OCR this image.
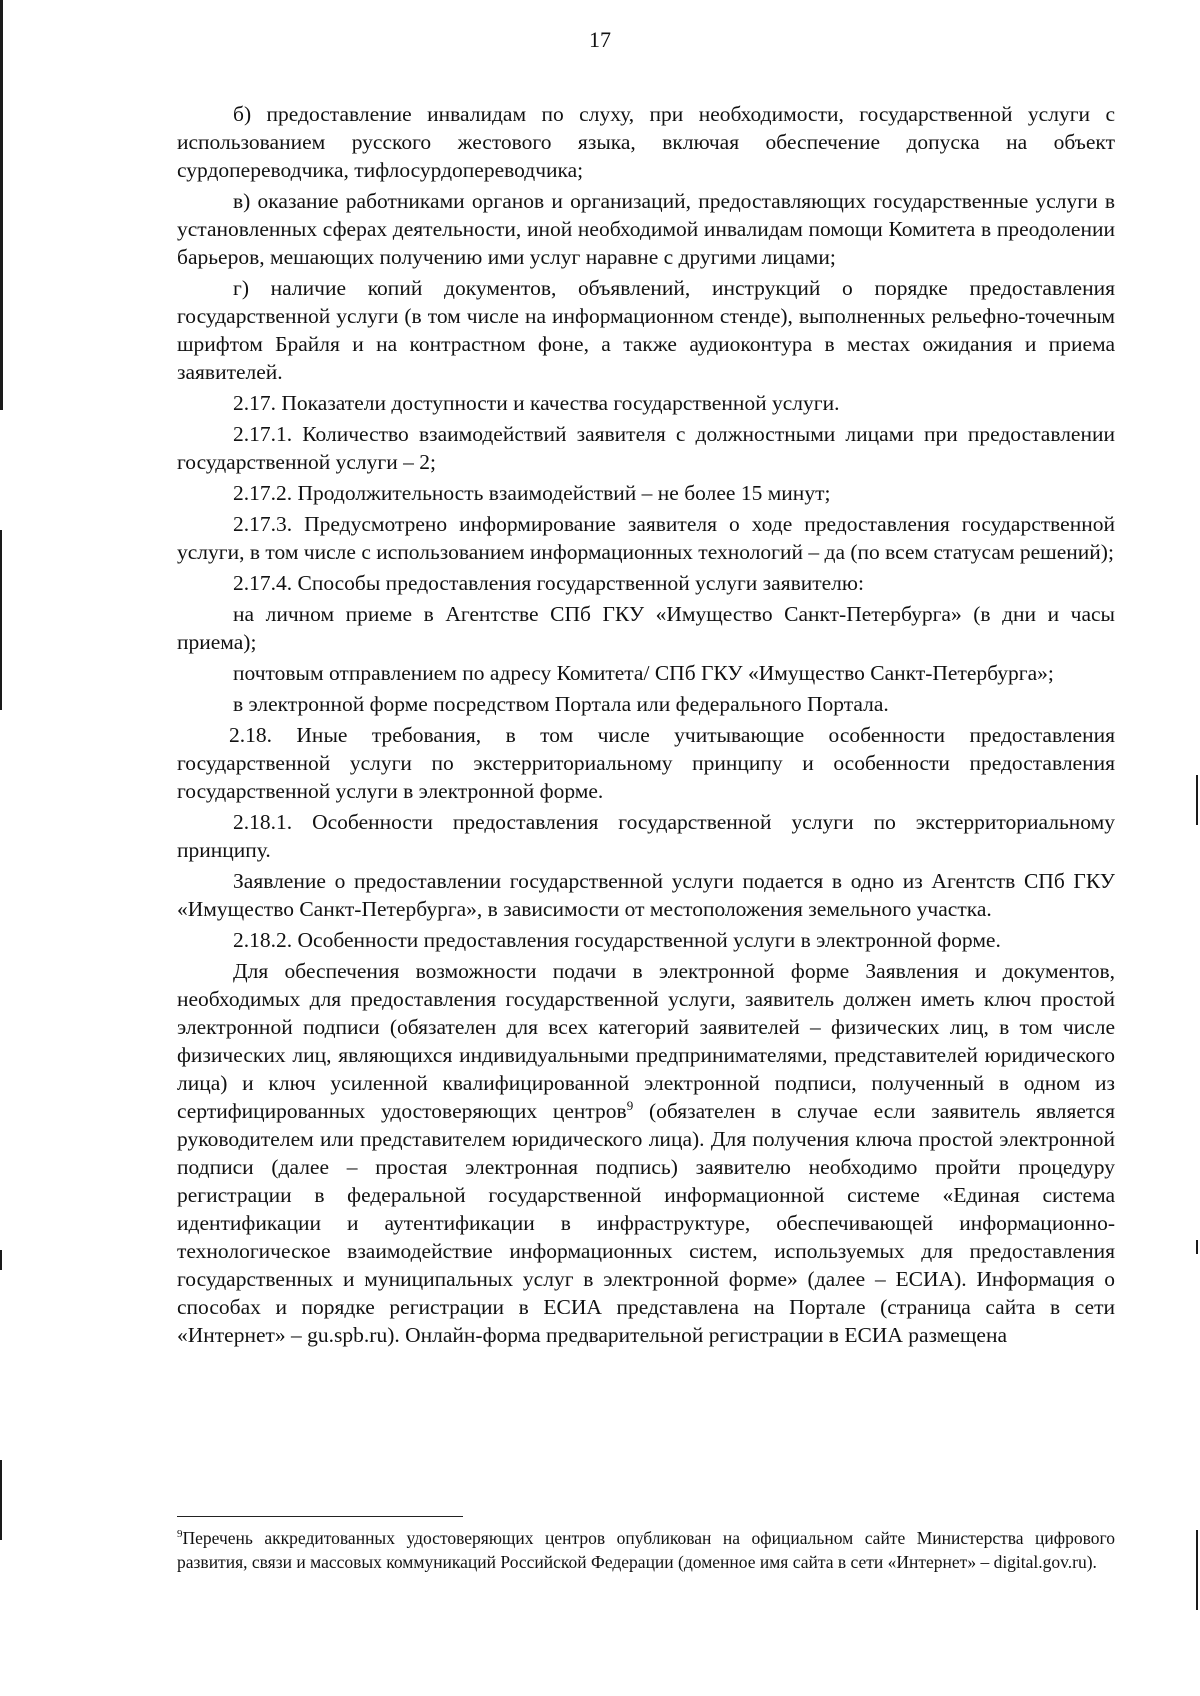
17

б) предоставление инвалидам по слуху, при необходимости, государственной услуги с использованием русского жестового языка, включая обеспечение допуска на объект сурдопереводчика, тифлосурдопереводчика;

в) оказание работниками органов и организаций, предоставляющих государственные услуги в установленных сферах деятельности, иной необходимой инвалидам помощи Комитета в преодолении барьеров, мешающих получению ими услуг наравне с другими лицами;

г) наличие копий документов, объявлений, инструкций о порядке предоставления государственной услуги (в том числе на информационном стенде), выполненных рельефно-точечным шрифтом Брайля и на контрастном фоне, а также аудиоконтура в местах ожидания и приема заявителей.

2.17. Показатели доступности и качества государственной услуги.

2.17.1. Количество взаимодействий заявителя с должностными лицами при предоставлении государственной услуги – 2;

2.17.2. Продолжительность взаимодействий – не более 15 минут;

2.17.3. Предусмотрено информирование заявителя о ходе предоставления государственной услуги, в том числе с использованием информационных технологий – да (по всем статусам решений);

2.17.4. Способы предоставления государственной услуги заявителю:

на личном приеме в Агентстве СПб ГКУ «Имущество Санкт-Петербурга» (в дни и часы приема);

почтовым отправлением по адресу Комитета/ СПб ГКУ «Имущество Санкт-Петербурга»;

в электронной форме посредством Портала или федерального Портала.

2.18. Иные требования, в том числе учитывающие особенности предоставления государственной услуги по экстерриториальному принципу и особенности предоставления государственной услуги в электронной форме.

2.18.1. Особенности предоставления государственной услуги по экстерриториальному принципу.

Заявление о предоставлении государственной услуги подается в одно из Агентств СПб ГКУ «Имущество Санкт-Петербурга», в зависимости от местоположения земельного участка.

2.18.2. Особенности предоставления государственной услуги в электронной форме.

Для обеспечения возможности подачи в электронной форме Заявления и документов, необходимых для предоставления государственной услуги, заявитель должен иметь ключ простой электронной подписи (обязателен для всех категорий заявителей – физических лиц, в том числе физических лиц, являющихся индивидуальными предпринимателями, представителей юридического лица) и ключ усиленной квалифицированной электронной подписи, полученный в одном из сертифицированных удостоверяющих центров$^9$ (обязателен в случае если заявитель является руководителем или представителем юридического лица). Для получения ключа простой электронной подписи (далее – простая электронная подпись) заявителю необходимо пройти процедуру регистрации в федеральной государственной информационной системе «Единая система идентификации и аутентификации в инфраструктуре, обеспечивающей информационно-технологическое взаимодействие информационных систем, используемых для предоставления государственных и муниципальных услуг в электронной форме» (далее – ЕСИА). Информация о способах и порядке регистрации в ЕСИА представлена на Портале (страница сайта в сети «Интернет» – gu.spb.ru). Онлайн-форма предварительной регистрации в ЕСИА размещена

$^9$Перечень аккредитованных удостоверяющих центров опубликован на официальном сайте Министерства цифрового развития, связи и массовых коммуникаций Российской Федерации (доменное имя сайта в сети «Интернет» – digital.gov.ru).
